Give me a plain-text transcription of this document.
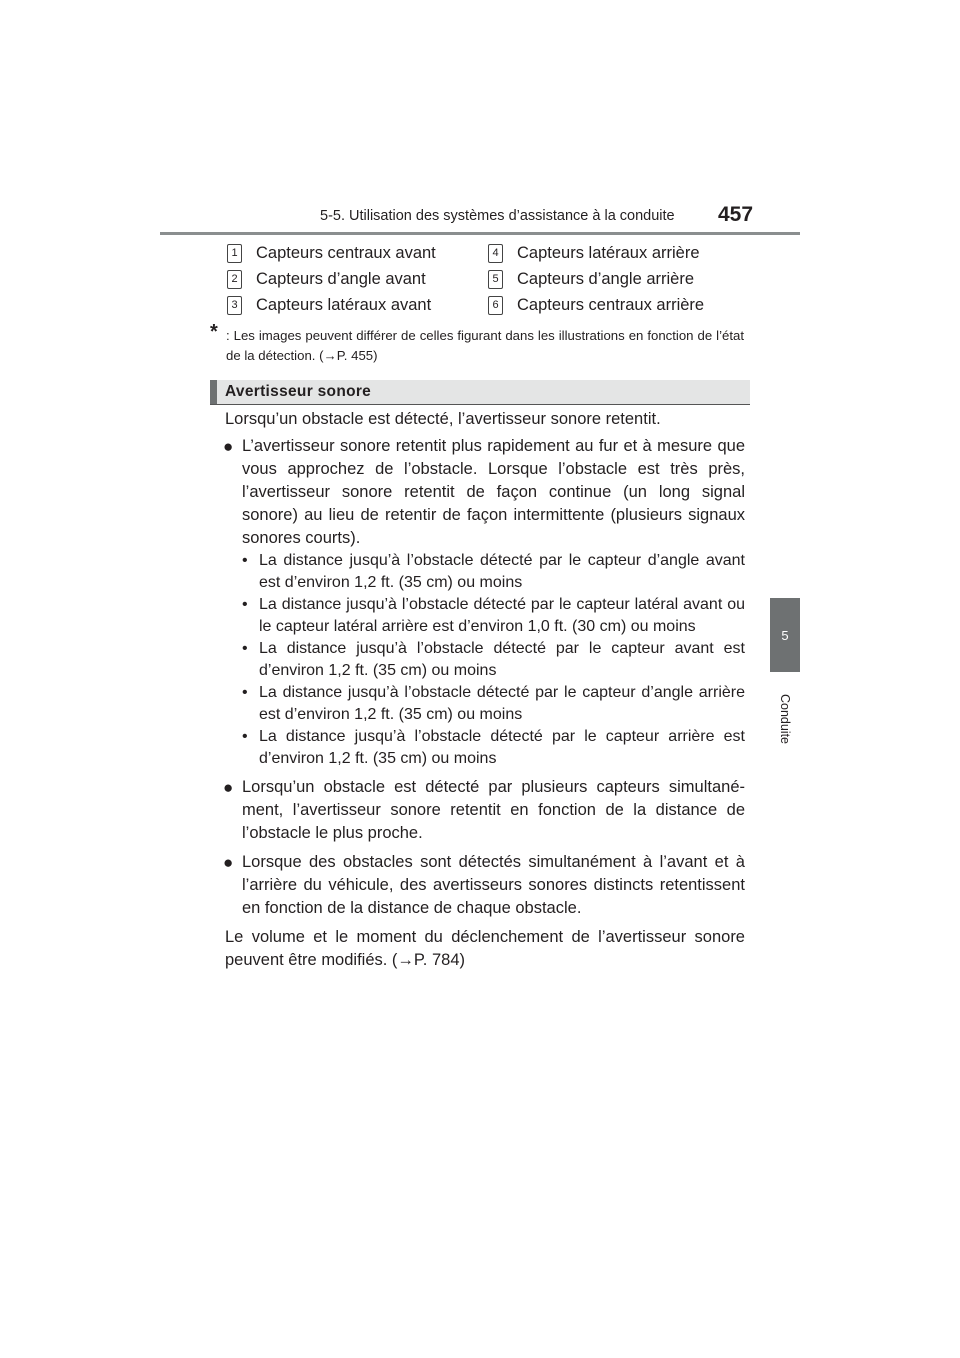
5-5. Utilisation des systèmes d’assistance à la conduite 457
5
Conduite
1 Capteurs centraux avant
2 Capteurs d’angle avant
3 Capteurs latéraux avant
4 Capteurs latéraux arrière
5 Capteurs d’angle arrière
6 Capteurs centraux arrière
* : Les images peuvent différer de celles figurant dans les illustrations en fonction de l’état de la détection. (→P. 455)
Avertisseur sonore

Lorsqu’un obstacle est détecté, l’avertisseur sonore retentit.

● L’avertisseur sonore retentit plus rapidement au fur et à mesure que vous approchez de l’obstacle. Lorsque l’obstacle est très près, l’avertisseur sonore retentit de façon continue (un long signal sonore) au lieu de retentir de façon intermittente (plusieurs signaux sonores courts).
• La distance jusqu’à l’obstacle détecté par le capteur d’angle avant est d’environ 1,2 ft. (35 cm) ou moins
• La distance jusqu’à l’obstacle détecté par le capteur latéral avant ou le capteur latéral arrière est d’environ 1,0 ft. (30 cm) ou moins
• La distance jusqu’à l’obstacle détecté par le capteur avant est d’environ 1,2 ft. (35 cm) ou moins
• La distance jusqu’à l’obstacle détecté par le capteur d’angle arrière est d’environ 1,2 ft. (35 cm) ou moins
• La distance jusqu’à l’obstacle détecté par le capteur arrière est d’environ 1,2 ft. (35 cm) ou moins
● Lorsqu’un obstacle est détecté par plusieurs capteurs simultané-ment, l’avertisseur sonore retentit en fonction de la distance de l’obstacle le plus proche.
● Lorsque des obstacles sont détectés simultanément à l’avant et à l’arrière du véhicule, des avertisseurs sonores distincts retentissent en fonction de la distance de chaque obstacle.

Le volume et le moment du déclenchement de l’avertisseur sonore peuvent être modifiés. (→P. 784)
